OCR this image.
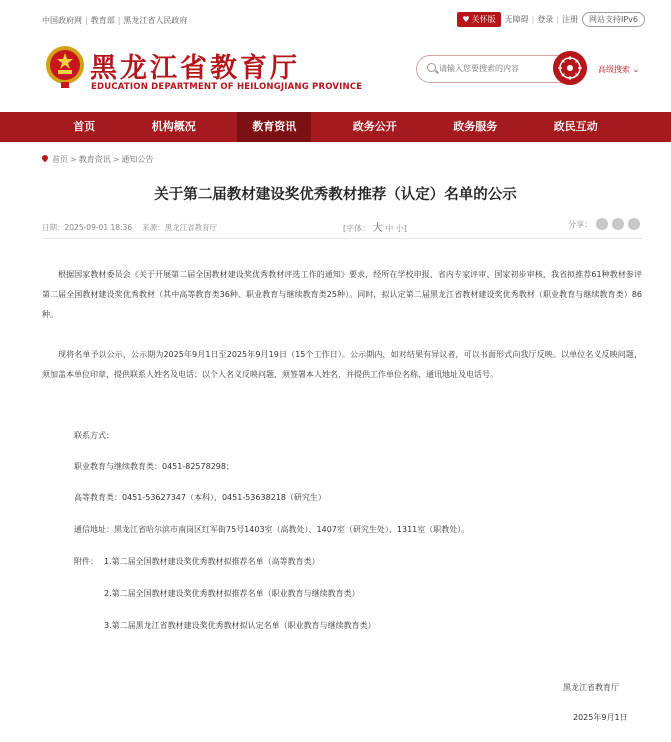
中国政府网 | 教育部 | 黑龙江省人民政府	♥ 关怀版 无障碍 | 登录 | 注册	网站支持IPv6
黑龙江省教育厅
EDUCATION DEPARTMENT OF HEILONGJIANG PROVINCE
请输入您要搜索的内容
高级搜索 ⌄
首页	机构概况	教育资讯	政务公开	政务服务	政民互动
首页 > 教育资讯 > 通知公告
关于第二届教材建设奖优秀教材推荐（认定）名单的公示
日期：2025-09-01 18:36 来源：黑龙江省教育厅	[字体： 大 中 小]	分享：

根据国家教材委员会《关于开展第二届全国教材建设奖优秀教材评选工作的通知》要求，经所在学校申报、省内专家评审、国家初步审核，我省拟推荐61种教材参评第二届全国教材建设奖优秀教材（其中高等教育类36种、职业教育与继续教育类25种）。同时，拟认定第二届黑龙江省教材建设奖优秀教材（职业教育与继续教育类）86种。

现将名单予以公示，公示期为2025年9月1日至2025年9月19日（15个工作日）。公示期内，如对结果有异议者，可以书面形式向我厅反映。以单位名义反映问题，须加盖本单位印章，提供联系人姓名及电话；以个人名义反映问题，须签署本人姓名，并提供工作单位名称、通讯地址及电话号。

联系方式：
职业教育与继续教育类：0451-82578298；
高等教育类：0451-53627347（本科），0451-53638218（研究生）
通信地址：黑龙江省哈尔滨市南岗区红军街75号1403室（高教处）、1407室（研究生处）、1311室（职教处）。
附件： 1.第二届全国教材建设奖优秀教材拟推荐名单（高等教育类）
2.第二届全国教材建设奖优秀教材拟推荐名单（职业教育与继续教育类）
3.第二届黑龙江省教材建设奖优秀教材拟认定名单（职业教育与继续教育类）
黑龙江省教育厅
2025年9月1日
